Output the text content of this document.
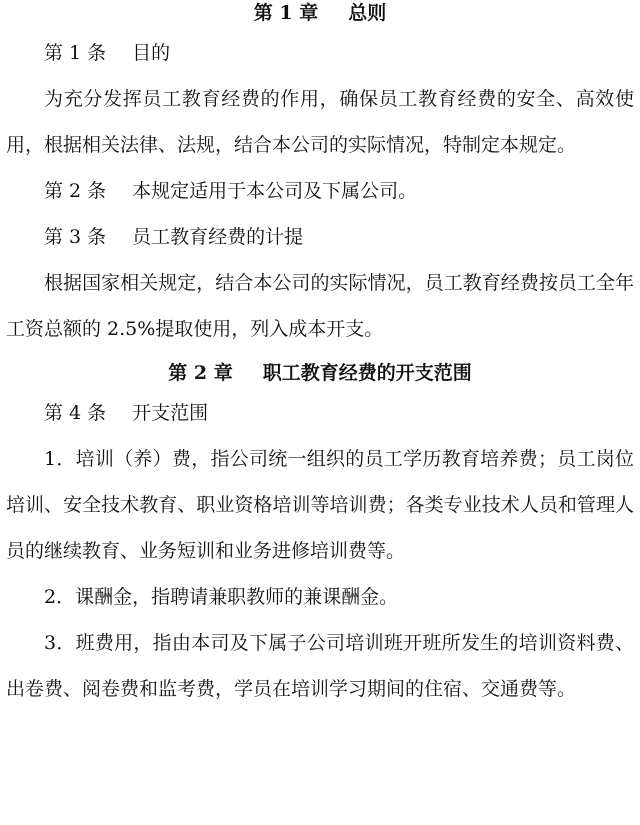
第 1 章 总则

第 1 条 目的

为充分发挥员工教育经费的作用，确保员工教育经费的安全、高效使用，根据相关法律、法规，结合本公司的实际情况，特制定本规定。

第 2 条 本规定适用于本公司及下属公司。

第 3 条 员工教育经费的计提

根据国家相关规定，结合本公司的实际情况，员工教育经费按员工全年工资总额的 2.5%提取使用，列入成本开支。

第 2 章 职工教育经费的开支范围

第 4 条 开支范围

1．培训（养）费，指公司统一组织的员工学历教育培养费；员工岗位培训、安全技术教育、职业资格培训等培训费；各类专业技术人员和管理人员的继续教育、业务短训和业务进修培训费等。

2．课酬金，指聘请兼职教师的兼课酬金。

3．班费用，指由本司及下属子公司培训班开班所发生的培训资料费、出卷费、阅卷费和监考费，学员在培训学习期间的住宿、交通费等。
